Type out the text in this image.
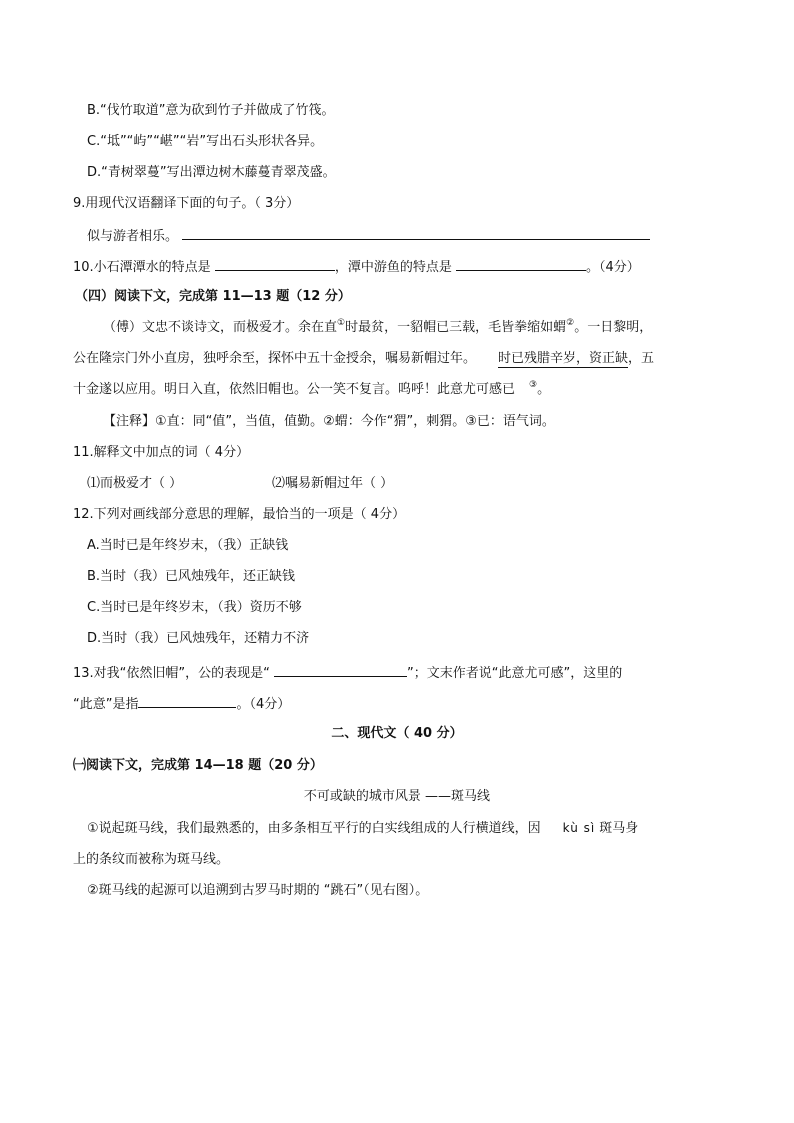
B.“伐竹取道”意为砍到竹子并做成了竹筏。
C.“坻”“屿”“嵁”“岩”写出石头形状各异。
D.“青树翠蔓”写出潭边树木藤蔓青翠茂盛。
9.用现代汉语翻译下面的句子。（ 3分）
似与游者相乐。
10.小石潭潭水的特点是	，潭中游鱼的特点是	。（4分）
（四）阅读下文，完成第 11—13 题（12 分）
（傅）文忠不谈诗文，而极爱才。余在直①时最贫，一貂帽已三载，毛皆拳缩如蝟②。一日黎明，
公在隆宗门外小直房，独呼余至，探怀中五十金授余，嘱易新帽过年。 时已残腊辛岁，资正缺，五
十金遂以应用。明日入直，依然旧帽也。公一笑不复言。呜呼！此意尤可感已 ③。
【注释】①直：同“值”，当值，值勤。②蝟：今作“猬”，刺猬。③已：语气词。
11.解释文中加点的词（ 4分）
⑴而极爱才（ ）	⑵嘱易新帽过年（ ）
12.下列对画线部分意思的理解，最恰当的一项是（ 4分）
A.当时已是年终岁末，（我）正缺钱
B.当时（我）已风烛残年，还正缺钱
C.当时已是年终岁末，（我）资历不够
D.当时（我）已风烛残年，还精力不济
13.对我“依然旧帽”，公的表现是“	”；文末作者说“此意尤可感”，这里的
“此意”是指	。（4分）
二、现代文（ 40 分）
㈠阅读下文，完成第 14—18 题（20 分）
不可或缺的城市风景 ——斑马线
①说起斑马线，我们最熟悉的，由多条相互平行的白实线组成的人行横道线，因 kù sì 斑马身
上的条纹而被称为斑马线。
②斑马线的起源可以追溯到古罗马时期的 “跳石”（见右图）。
